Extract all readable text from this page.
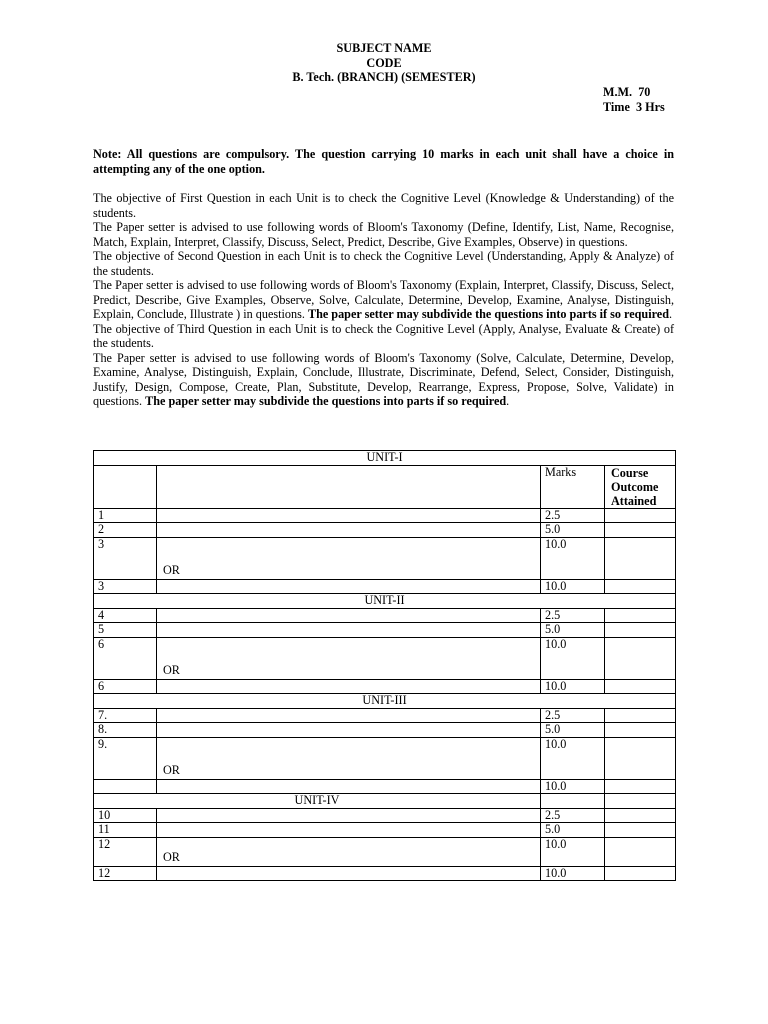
SUBJECT NAME
CODE
B. Tech. (BRANCH) (SEMESTER)
M.M.  70
Time  3 Hrs
Note: All questions are compulsory. The question carrying 10 marks in each unit shall have a choice in attempting any of the one option.

The objective of First Question in each Unit is to check the Cognitive Level (Knowledge & Understanding) of the students.

The Paper setter is advised to use following words of Bloom's Taxonomy (Define, Identify, List, Name, Recognise, Match, Explain, Interpret, Classify, Discuss, Select, Predict, Describe, Give Examples, Observe) in questions.

The objective of Second Question in each Unit is to check the Cognitive Level (Understanding, Apply & Analyze) of the students.

The Paper setter is advised to use following words of Bloom's Taxonomy (Explain, Interpret, Classify, Discuss, Select, Predict, Describe, Give Examples, Observe, Solve, Calculate, Determine, Develop, Examine, Analyse, Distinguish, Explain, Conclude, Illustrate ) in questions. The paper setter may subdivide the questions into parts if so required.

The objective of Third Question in each Unit is to check the Cognitive Level (Apply, Analyse, Evaluate & Create) of the students.

The Paper setter is advised to use following words of Bloom's Taxonomy (Solve, Calculate, Determine, Develop, Examine, Analyse, Distinguish, Explain, Conclude, Illustrate, Discriminate, Defend, Select, Consider, Distinguish, Justify, Design, Compose, Create, Plan, Substitute, Develop, Rearrange, Express, Propose, Solve, Validate) in questions. The paper setter may subdivide the questions into parts if so required.

UNIT-I			
		Marks	Course Outcome Attained
1		2.5	
2		5.0	
3	OR	10.0	
3		10.0	
UNIT-II			
4		2.5	
5		5.0	
6	OR	10.0	
6		10.0	
UNIT-III			
7.		2.5	
8.		5.0	
9.	OR	10.0	
		10.0	
UNIT-IV			
10		2.5	
11		5.0	
12	OR	10.0	
12		10.0	
